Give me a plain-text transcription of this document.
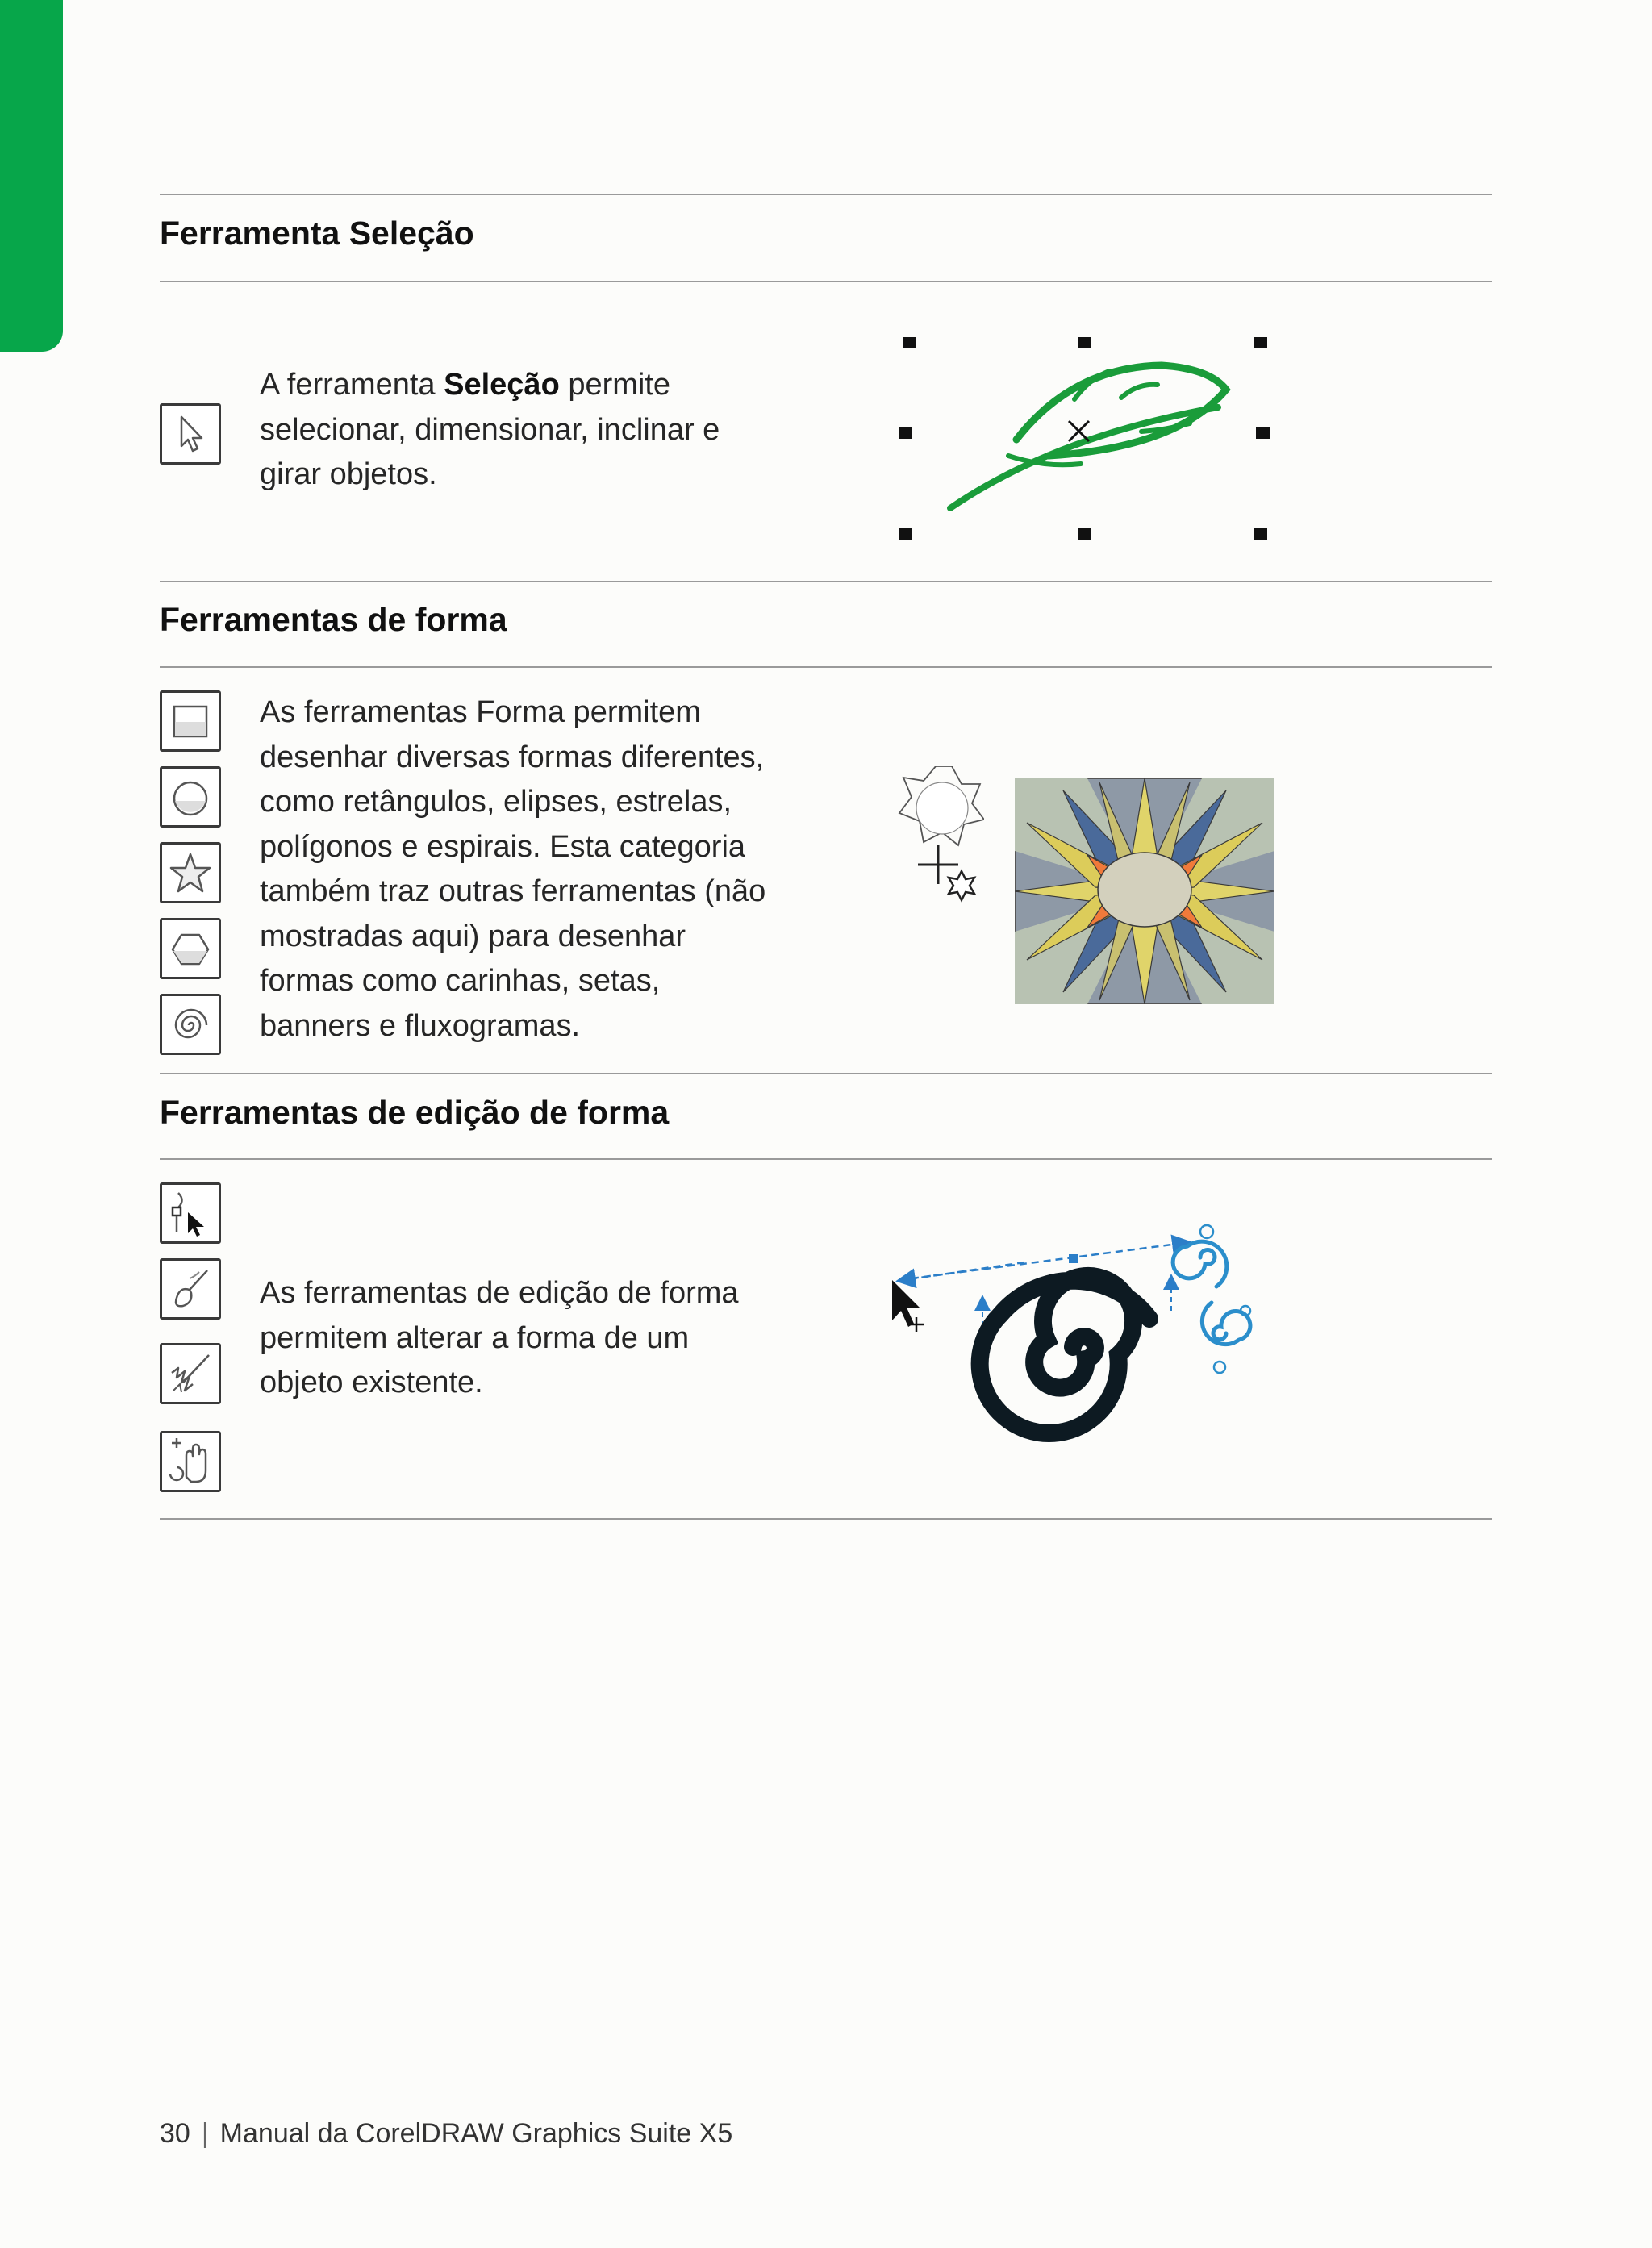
Ferramenta Seleção

A ferramenta Seleção permite selecionar, dimensionar, inclinar e girar objetos.

Ferramentas de forma

As ferramentas Forma permitem desenhar diversas formas diferentes, como retângulos, elipses, estrelas, polígonos e espirais. Esta categoria também traz outras ferramentas (não mostradas aqui) para desenhar formas como carinhas, setas, banners e fluxogramas.

Ferramentas de edição de forma

As ferramentas de edição de forma permitem alterar a forma de um objeto existente.

30 | Manual da CorelDRAW Graphics Suite X5
